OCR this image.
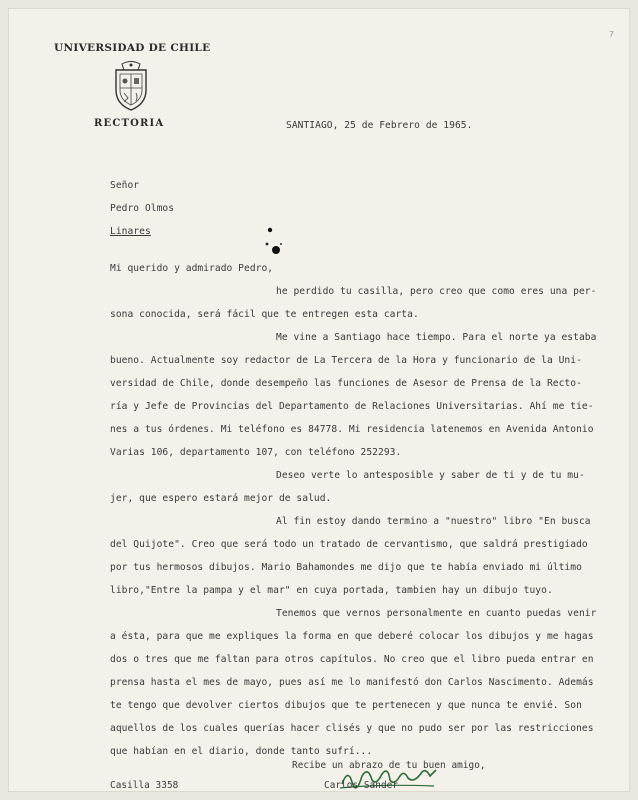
7
UNIVERSIDAD DE CHILE
RECTORIA	SANTIAGO, 25 de Febrero de 1965.
Señor
Pedro Olmos
Linares
Mi querido y admirado Pedro,
he perdido tu casilla, pero creo que como eres una per-
sona conocida, será fácil que te entregen esta carta.
Me vine a Santiago hace tiempo. Para el norte ya estaba
bueno. Actualmente soy redactor de La Tercera de la Hora y funcionario de la Uni-
versidad de Chile, donde desempeño las funciones de Asesor de Prensa de la Recto-
ría y Jefe de Provincias del Departamento de Relaciones Universitarias. Ahí me tie-
nes a tus órdenes. Mi teléfono es 84778. Mi residencia latenemos en Avenida Antonio
Varias 106, departamento 107, con teléfono 252293.
Deseo verte lo antesposible y saber de ti y de tu mu-
jer, que espero estará mejor de salud.
Al fin estoy dando termino a "nuestro" libro "En busca
del Quijote". Creo que será todo un tratado de cervantismo, que saldrá prestigiado
por tus hermosos dibujos. Mario Bahamondes me dijo que te había enviado mi último
libro,"Entre la pampa y el mar" en cuya portada, tambien hay un dibujo tuyo.
Tenemos que vernos personalmente en cuanto puedas venir
a ésta, para que me expliques la forma en que deberé colocar los dibujos y me hagas
dos o tres que me faltan para otros capítulos. No creo que el libro pueda entrar en
prensa hasta el mes de mayo, pues así me lo manifestó don Carlos Nascimento. Además
te tengo que devolver ciertos dibujos que te pertenecen y que nunca te envié. Son
aquellos de los cuales querías hacer clisés y que no pudo ser por las restricciones
que habían en el diario, donde tanto sufrí...
Recibe un abrazo de tu buen amigo,
Casilla 3358	Carlos Sander
